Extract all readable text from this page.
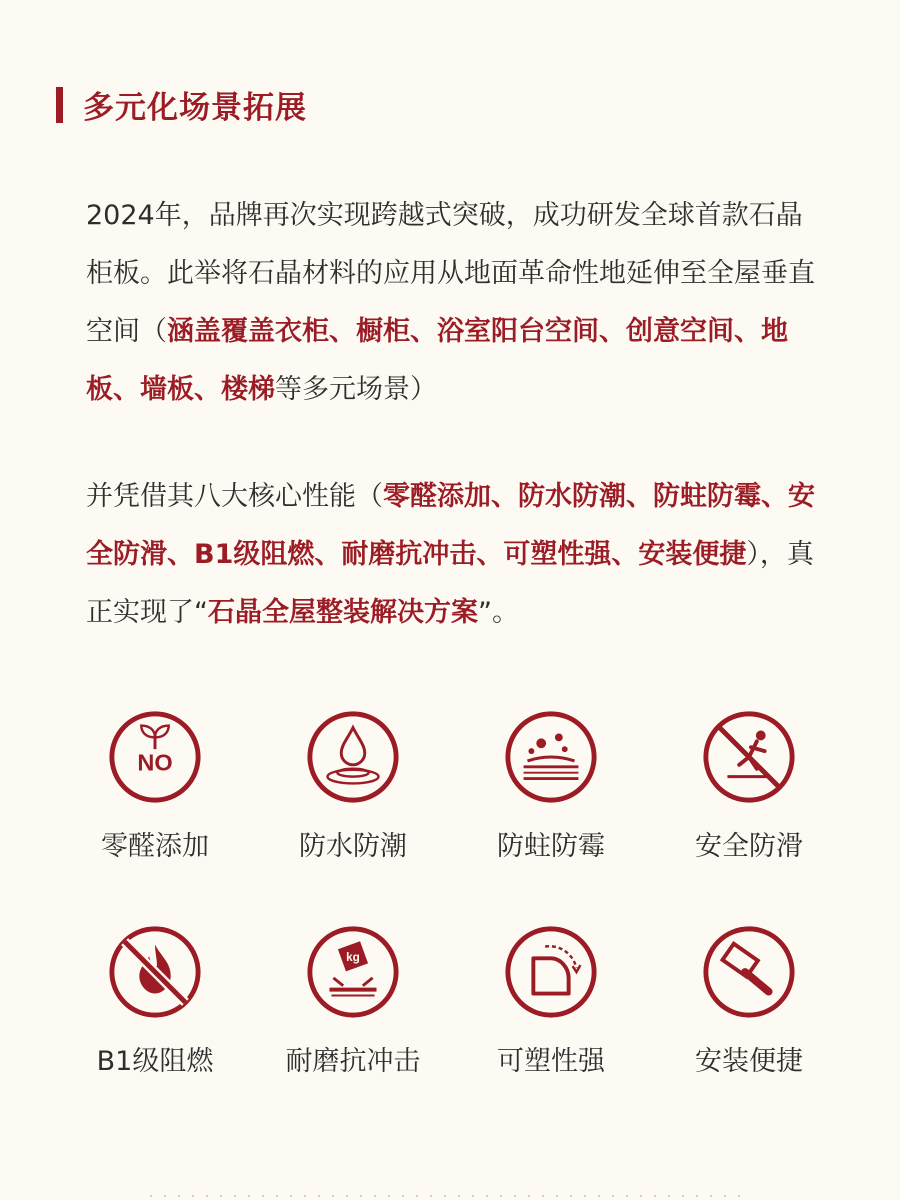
多元化场景拓展

2024年，品牌再次实现跨越式突破，成功研发全球首款石晶柜板。此举将石晶材料的应用从地面革命性地延伸至全屋垂直空间（涵盖覆盖衣柜、橱柜、浴室阳台空间、创意空间、地板、墙板、楼梯等多元场景）

并凭借其八大核心性能（零醛添加、防水防潮、防蛀防霉、安全防滑、B1级阻燃、耐磨抗冲击、可塑性强、安装便捷），真正实现了“石晶全屋整装解决方案”。

NO
零醛添加	防水防潮	防蛀防霉	安全防滑
B1级阻燃
kg
耐磨抗冲击	可塑性强	安装便捷
